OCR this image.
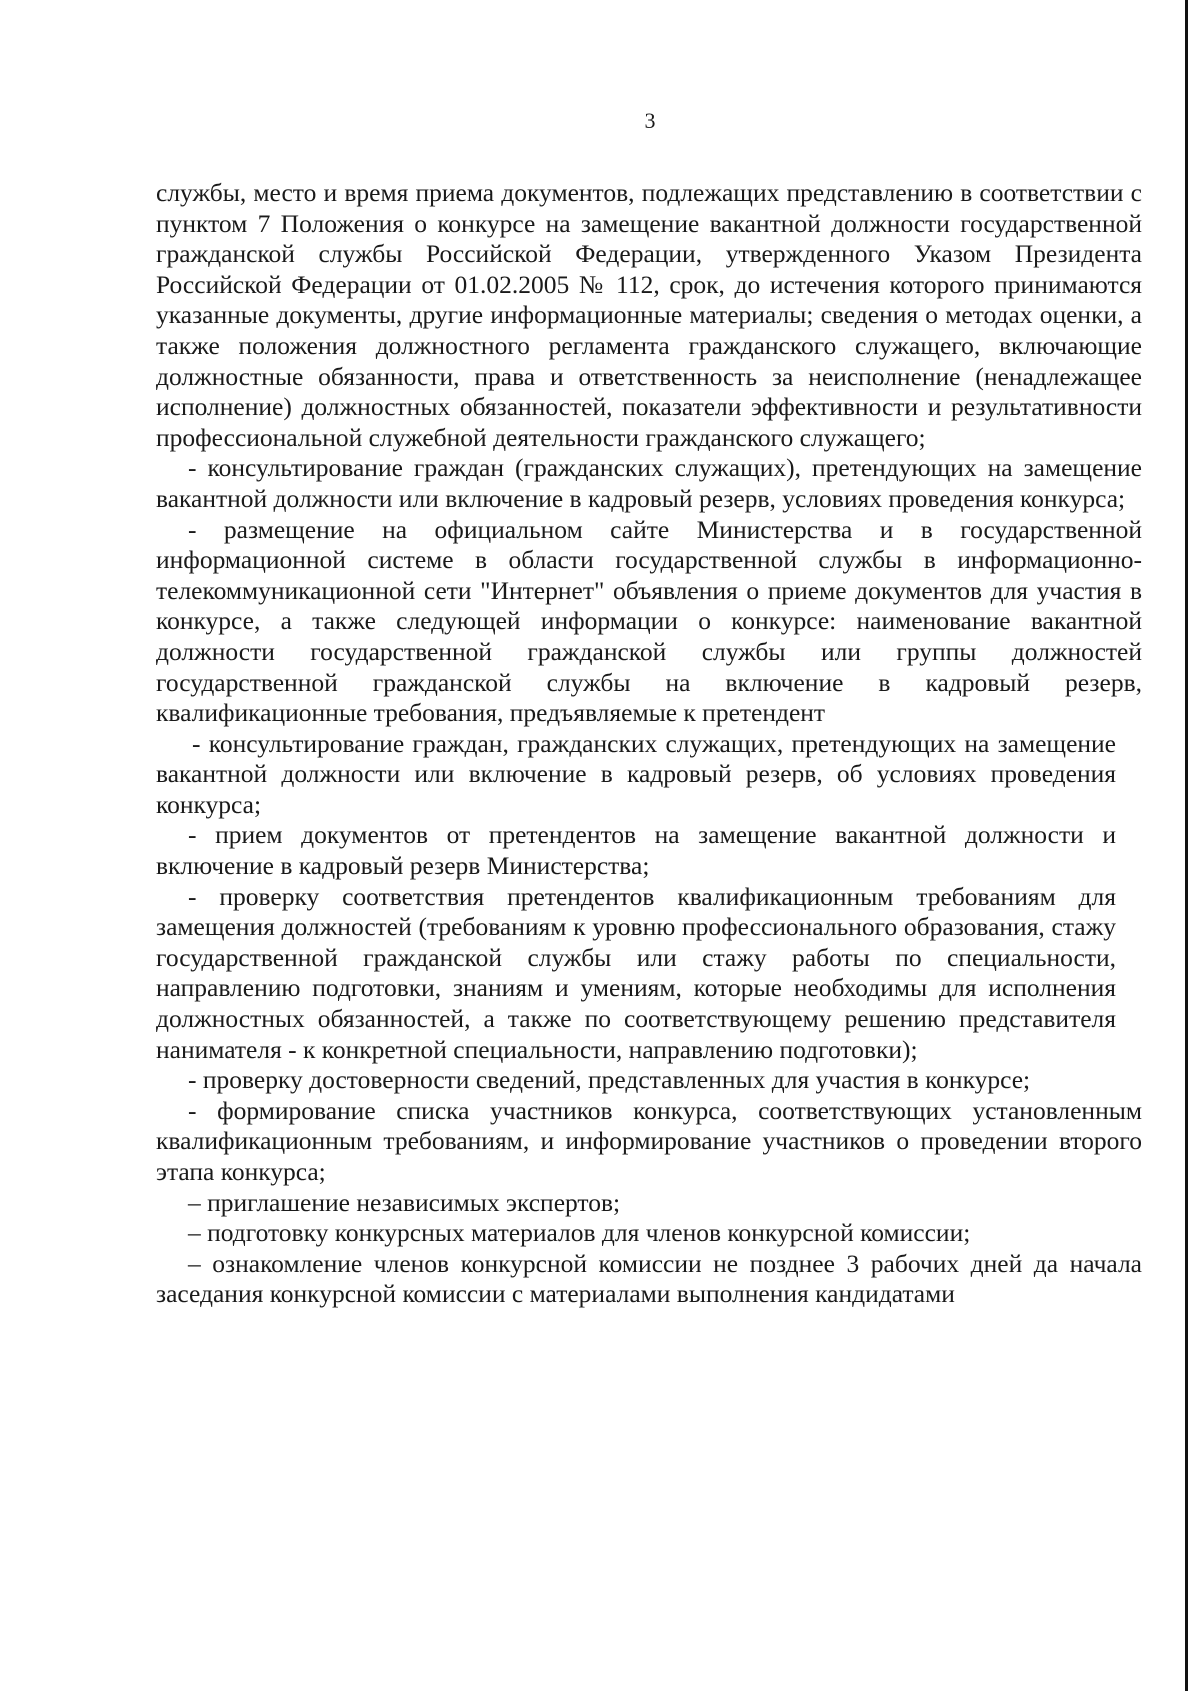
3

службы, место и время приема документов, подлежащих представлению в соответствии с пунктом 7 Положения о конкурсе на замещение вакантной должности государственной гражданской службы Российской Федерации, утвержденного Указом Президента Российской Федерации от 01.02.2005 № 112, срок, до истечения которого принимаются указанные документы, другие информационные материалы; сведения о методах оценки, а также положения должностного регламента гражданского служащего, включающие должностные обязанности, права и ответственность за неисполнение (ненадлежащее исполнение) должностных обязанностей, показатели эффективности и результативности профессиональной служебной деятельности гражданского служащего;

- консультирование граждан (гражданских служащих), претендующих на замещение вакантной должности или включение в кадровый резерв, условиях проведения конкурса;

- размещение на официальном сайте Министерства и в государственной информационной системе в области государственной службы в информационно-телекоммуникационной сети "Интернет" объявления о приеме документов для участия в конкурсе, а также следующей информации о конкурсе: наименование вакантной должности государственной гражданской службы или группы должностей государственной гражданской службы на включение в кадровый резерв, квалификационные требования, предъявляемые к претендент

- консультирование граждан, гражданских служащих, претендующих на замещение вакантной должности или включение в кадровый резерв, об условиях проведения конкурса;

- прием документов от претендентов на замещение вакантной должности и включение в кадровый резерв Министерства;

- проверку соответствия претендентов квалификационным требованиям для замещения должностей (требованиям к уровню профессионального образования, стажу государственной гражданской службы или стажу работы по специальности, направлению подготовки, знаниям и умениям, которые необходимы для исполнения должностных обязанностей, а также по соответствующему решению представителя нанимателя - к конкретной специальности, направлению подготовки);

- проверку достоверности сведений, представленных для участия в конкурсе;

- формирование списка участников конкурса, соответствующих установленным квалификационным требованиям, и информирование участников о проведении второго этапа конкурса;

– приглашение независимых экспертов;

– подготовку конкурсных материалов для членов конкурсной комиссии;

– ознакомление членов конкурсной комиссии не позднее 3 рабочих дней да начала заседания конкурсной комиссии с материалами выполнения кандидатами
